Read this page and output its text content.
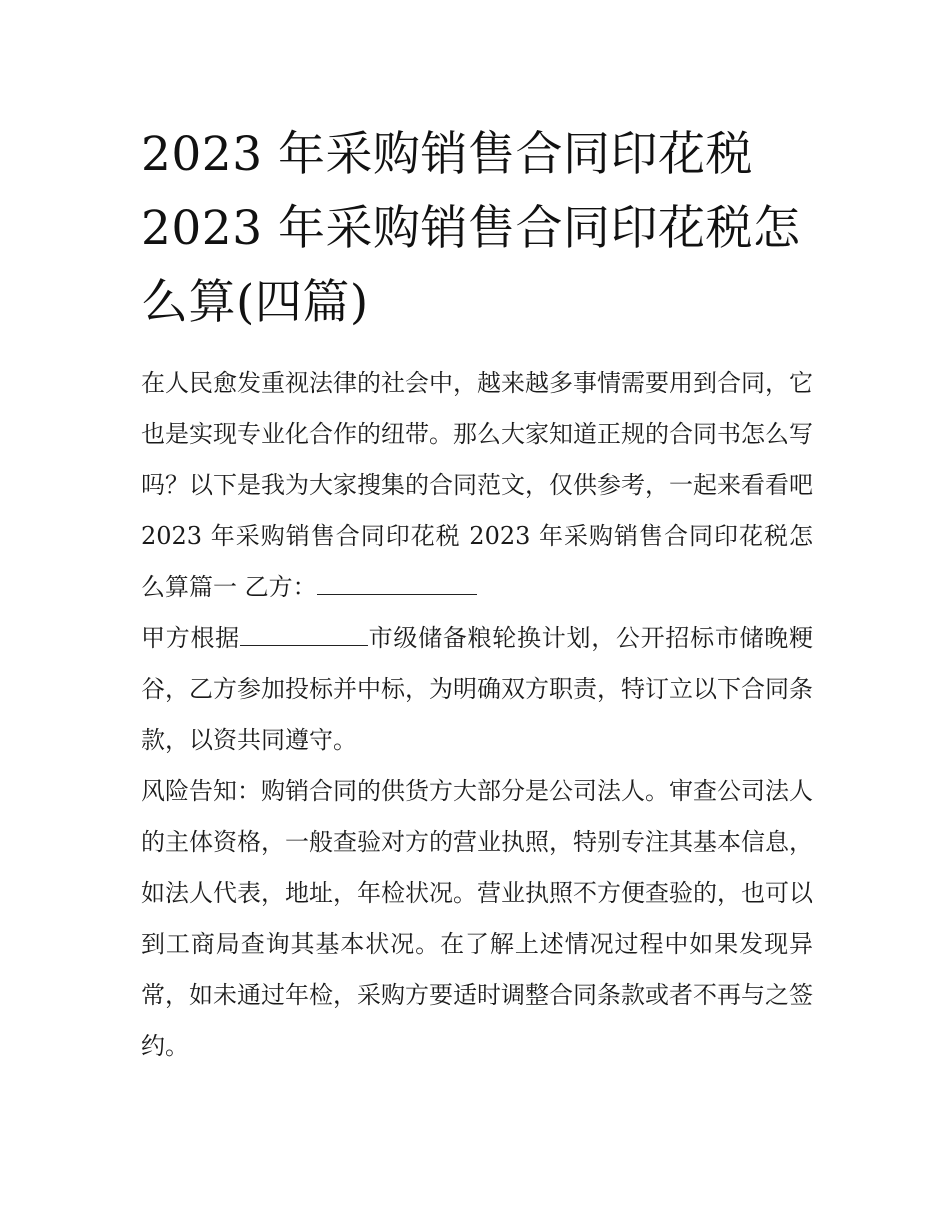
2023 年采购销售合同印花税
2023 年采购销售合同印花税怎么算(四篇)

在人民愈发重视法律的社会中，越来越多事情需要用到合同，它也是实现专业化合作的纽带。那么大家知道正规的合同书怎么写吗？以下是我为大家搜集的合同范文，仅供参考，一起来看看吧

2023 年采购销售合同印花税 2023 年采购销售合同印花税怎么算篇一 乙方：

甲方根据	市级储备粮轮换计划，公开招标市储晚粳谷，乙方参加投标并中标，为明确双方职责，特订立以下合同条款，以资共同遵守。

风险告知：购销合同的供货方大部分是公司法人。审查公司法人的主体资格，一般查验对方的营业执照，特别专注其基本信息，如法人代表，地址，年检状况。营业执照不方便查验的，也可以到工商局查询其基本状况。在了解上述情况过程中如果发现异常，如未通过年检，采购方要适时调整合同条款或者不再与之签约。
